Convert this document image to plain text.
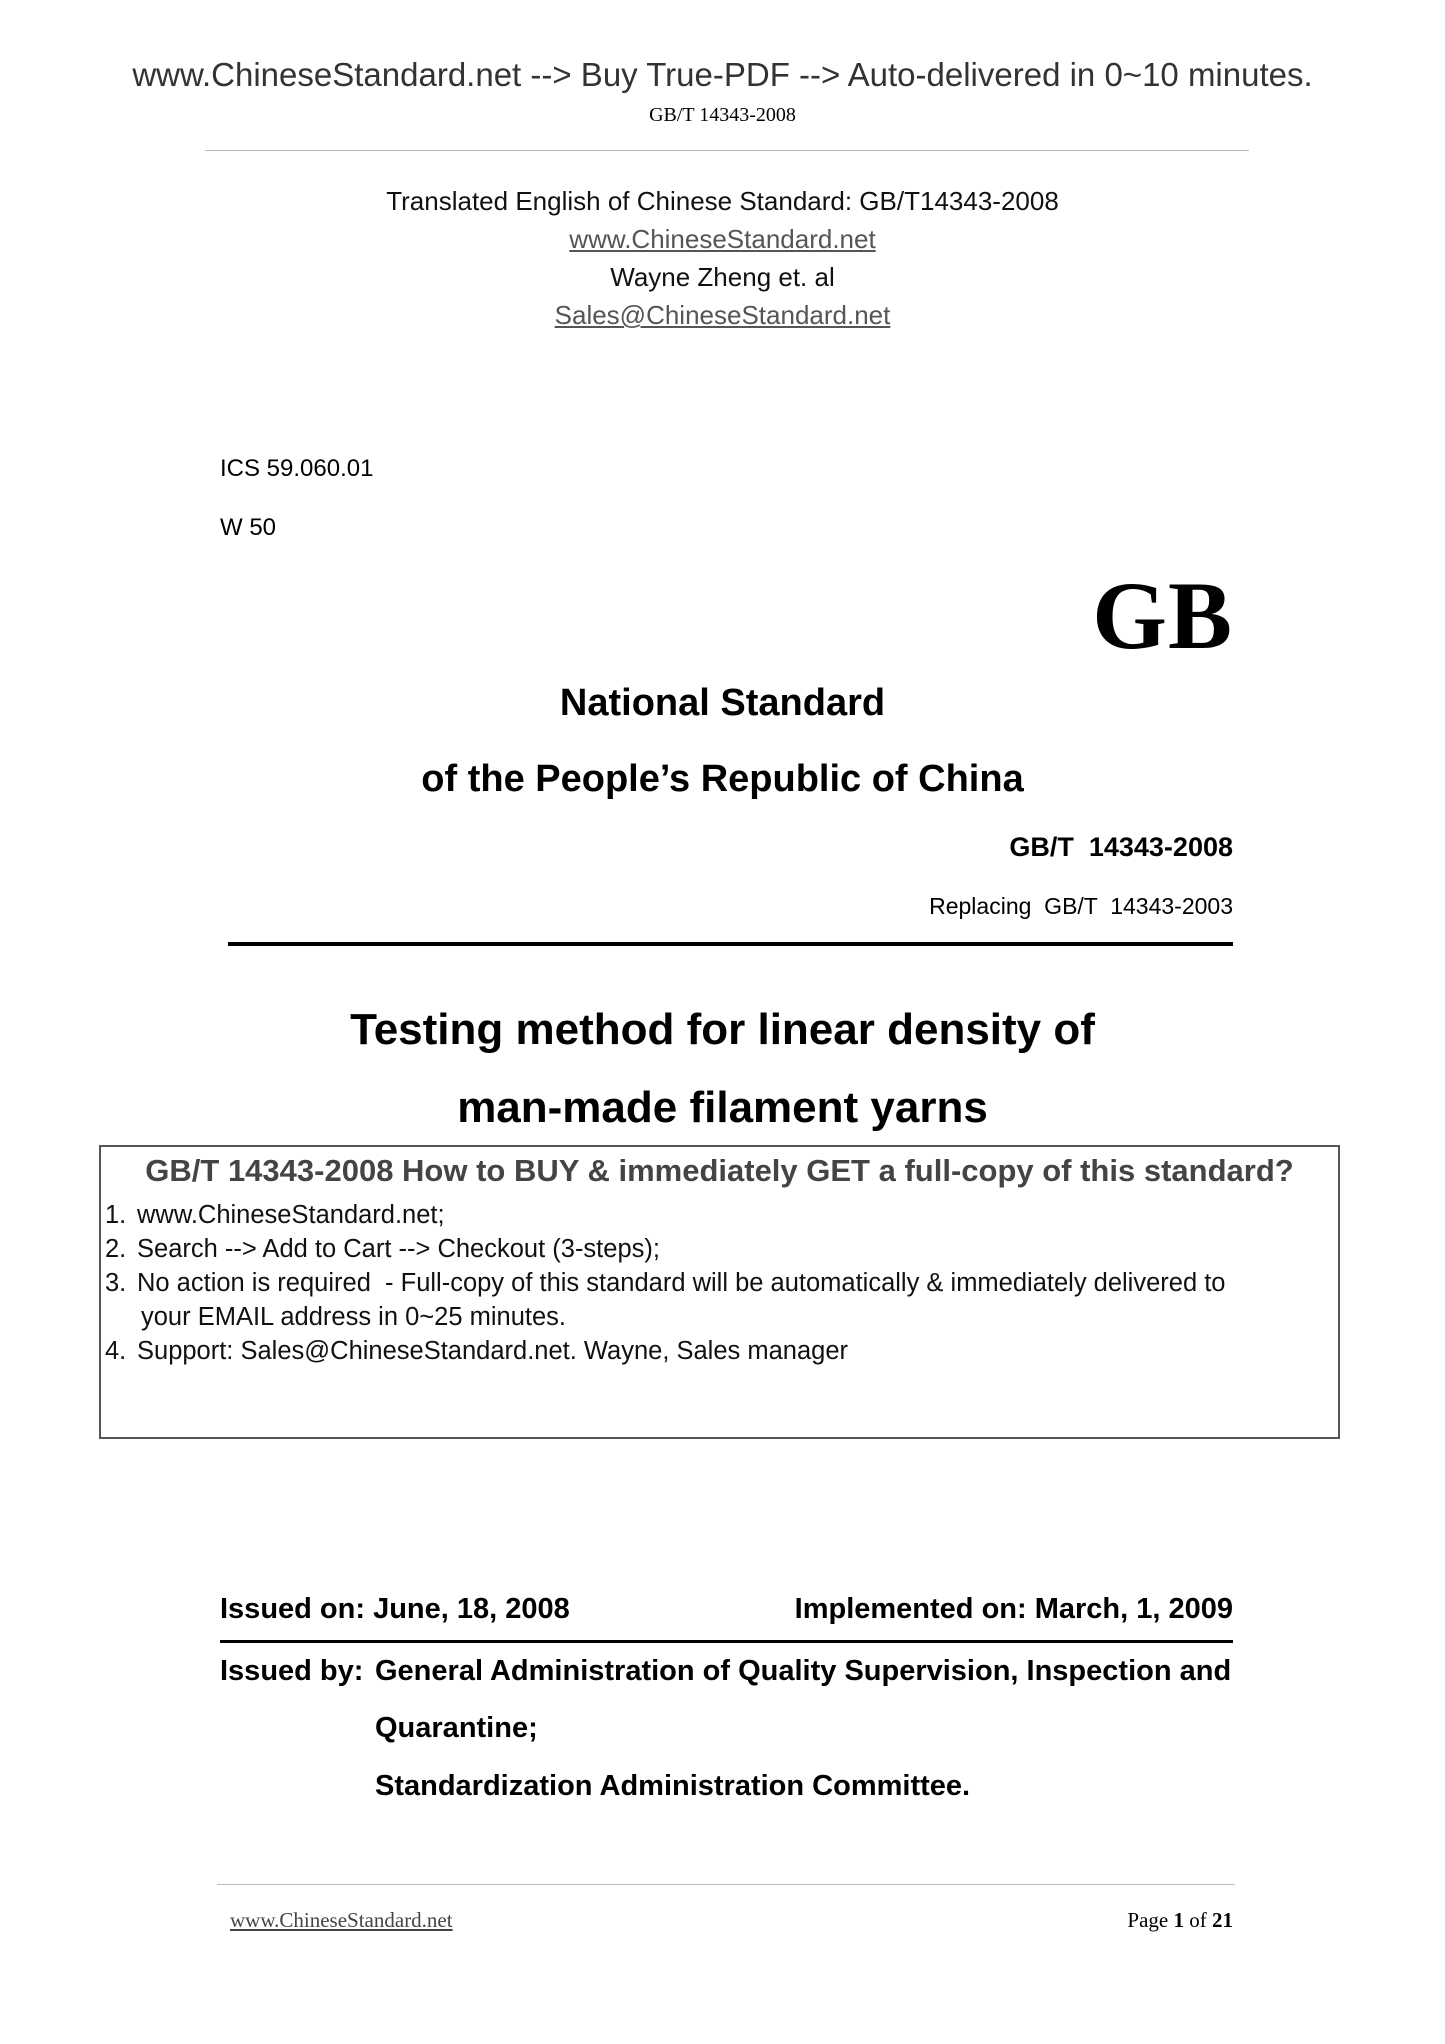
www.ChineseStandard.net --> Buy True-PDF --> Auto-delivered in 0~10 minutes.
GB/T 14343-2008
Translated English of Chinese Standard: GB/T14343-2008
www.ChineseStandard.net
Wayne Zheng et. al
Sales@ChineseStandard.net
ICS 59.060.01
W 50
GB
National Standard
of the People’s Republic of China
GB/T  14343-2008
Replacing  GB/T  14343-2003
Testing method for linear density of
man-made filament yarns
GB/T 14343-2008 How to BUY & immediately GET a full-copy of this standard?
1. www.ChineseStandard.net;
2. Search --> Add to Cart --> Checkout (3-steps);
3. No action is required  - Full-copy of this standard will be automatically & immediately delivered to
your EMAIL address in 0~25 minutes.
4. Support: Sales@ChineseStandard.net. Wayne, Sales manager
Issued on: June, 18, 2008	Implemented on: March, 1, 2009
Issued by: General Administration of Quality Supervision, Inspection and
Quarantine;
Standardization Administration Committee.
www.ChineseStandard.net	Page 1 of 21
